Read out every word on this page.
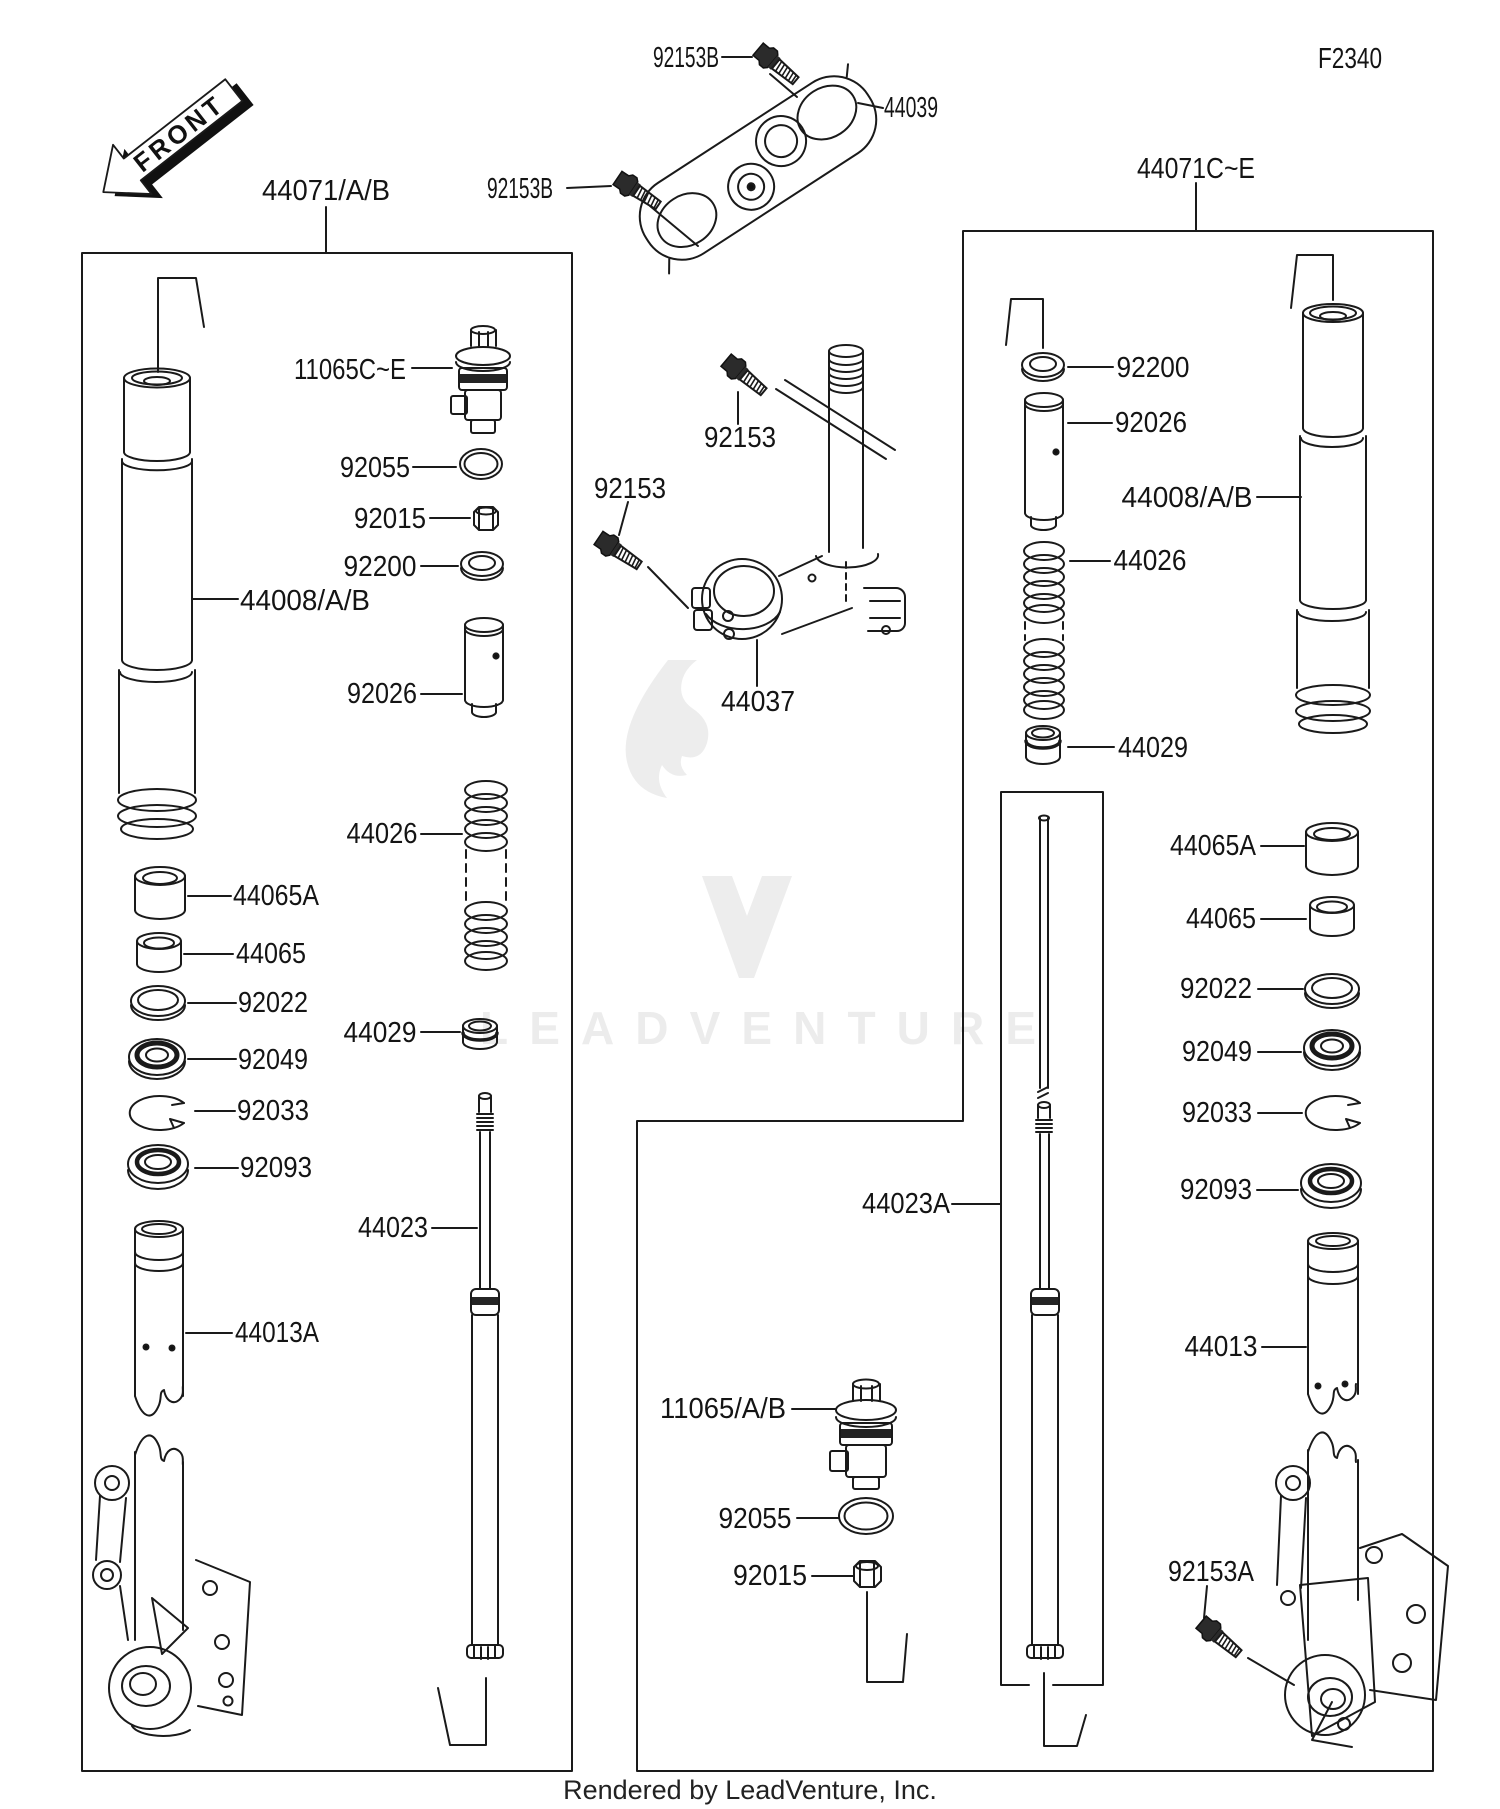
LEADVENTURE
FRONT
F2340
44071/A/B
44071C~E
92153B
44039
92153B
92153
92153
44037
11065C~E
92055
92015
92200
44008/A/B
92026
44026
44065A
44065
92022
44029
92049
92033
92093
44023
44013A
44023A
11065/A/B
92055
92015
92200
92026
44008/A/B
44026
44029
44065A
44065
92022
92049
92033
92093
44013
92153A
Rendered by LeadVenture, Inc.
